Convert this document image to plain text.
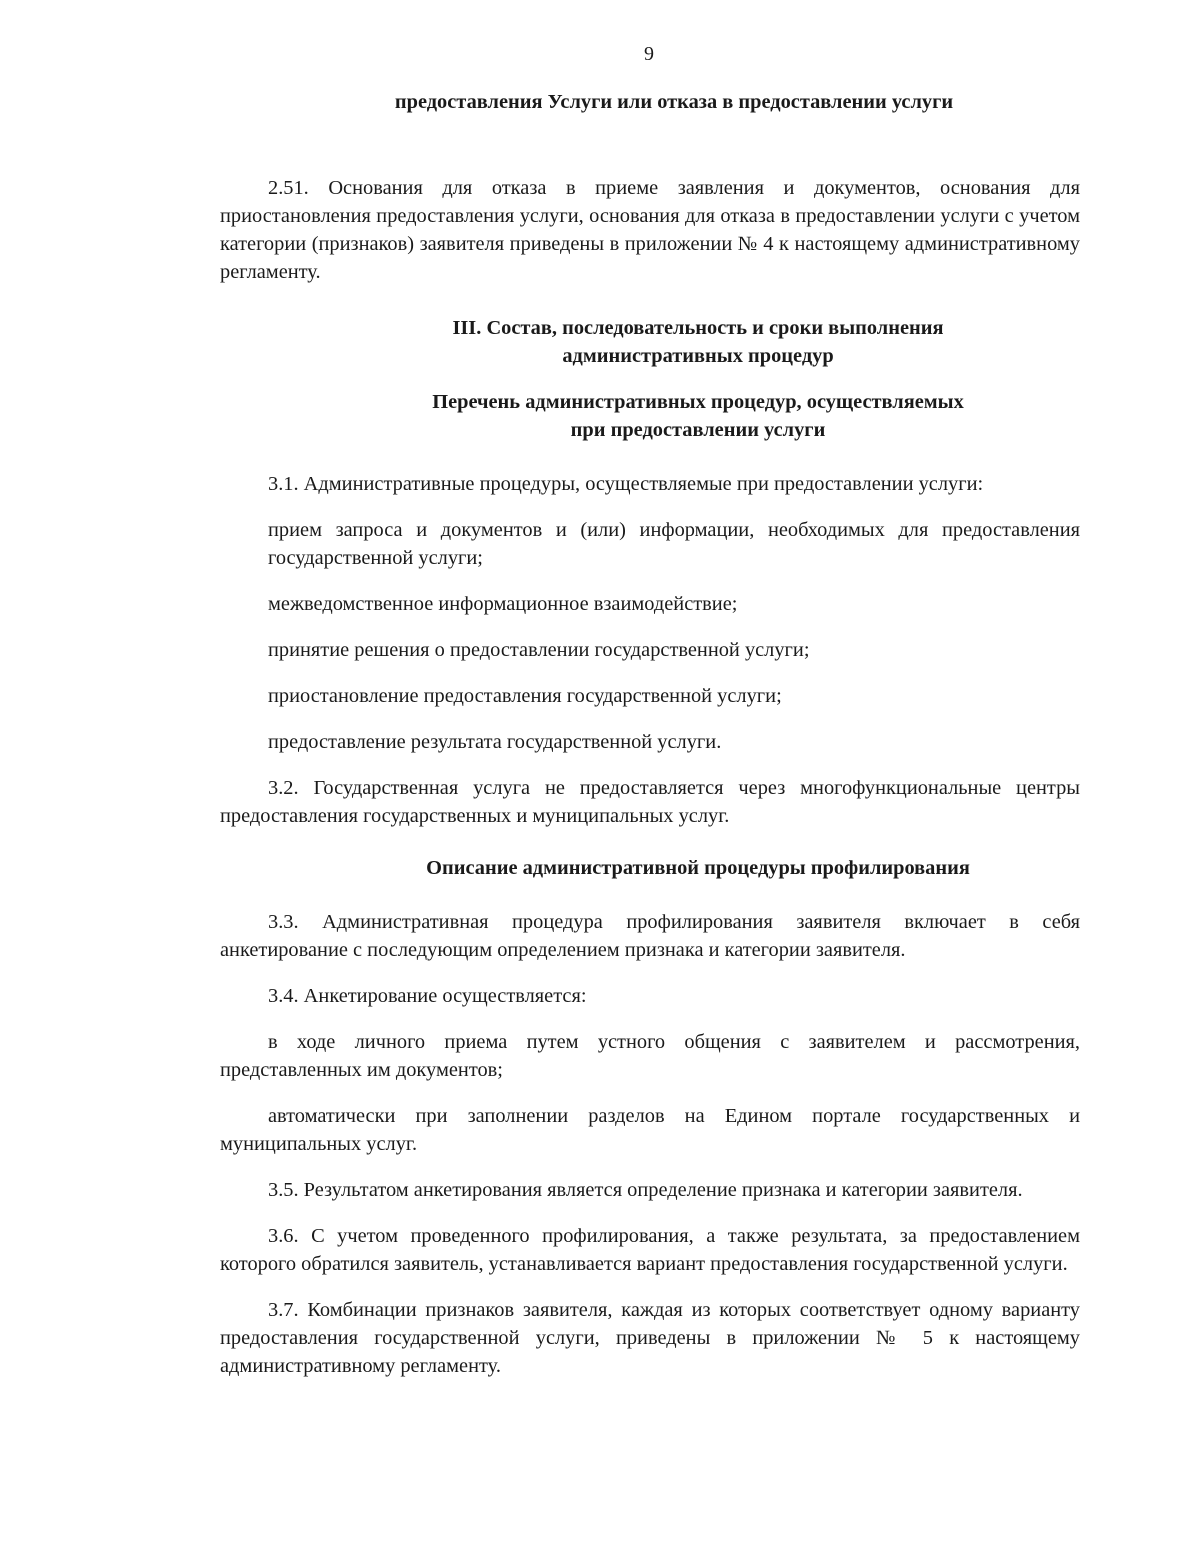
9

предоставления Услуги или отказа в предоставлении услуги

2.51. Основания для отказа в приеме заявления и документов, основания для приостановления предоставления услуги, основания для отказа в предоставлении услуги с учетом категории (признаков) заявителя приведены в приложении № 4 к настоящему административному регламенту.

III. Состав, последовательность и сроки выполнения
административных процедур
Перечень административных процедур, осуществляемых
при предоставлении услуги

3.1. Административные процедуры, осуществляемые при предоставлении услуги:

прием запроса и документов и (или) информации, необходимых для предоставления государственной услуги;

межведомственное информационное взаимодействие;

принятие решения о предоставлении государственной услуги;

приостановление предоставления государственной услуги;

предоставление результата государственной услуги.

3.2. Государственная услуга не предоставляется через многофункциональные центры предоставления государственных и муниципальных услуг.

Описание административной процедуры профилирования

3.3. Административная процедура профилирования заявителя включает в себя анкетирование с последующим определением признака и категории заявителя.

3.4. Анкетирование осуществляется:

в ходе личного приема путем устного общения с заявителем и рассмотрения, представленных им документов;

автоматически при заполнении разделов на Едином портале государственных и муниципальных услуг.

3.5. Результатом анкетирования является определение признака и категории заявителя.

3.6. С учетом проведенного профилирования, а также результата, за предоставлением которого обратился заявитель, устанавливается вариант предоставления государственной услуги.

3.7. Комбинации признаков заявителя, каждая из которых соответствует одному варианту предоставления государственной услуги, приведены в приложении № 5 к настоящему административному регламенту.
